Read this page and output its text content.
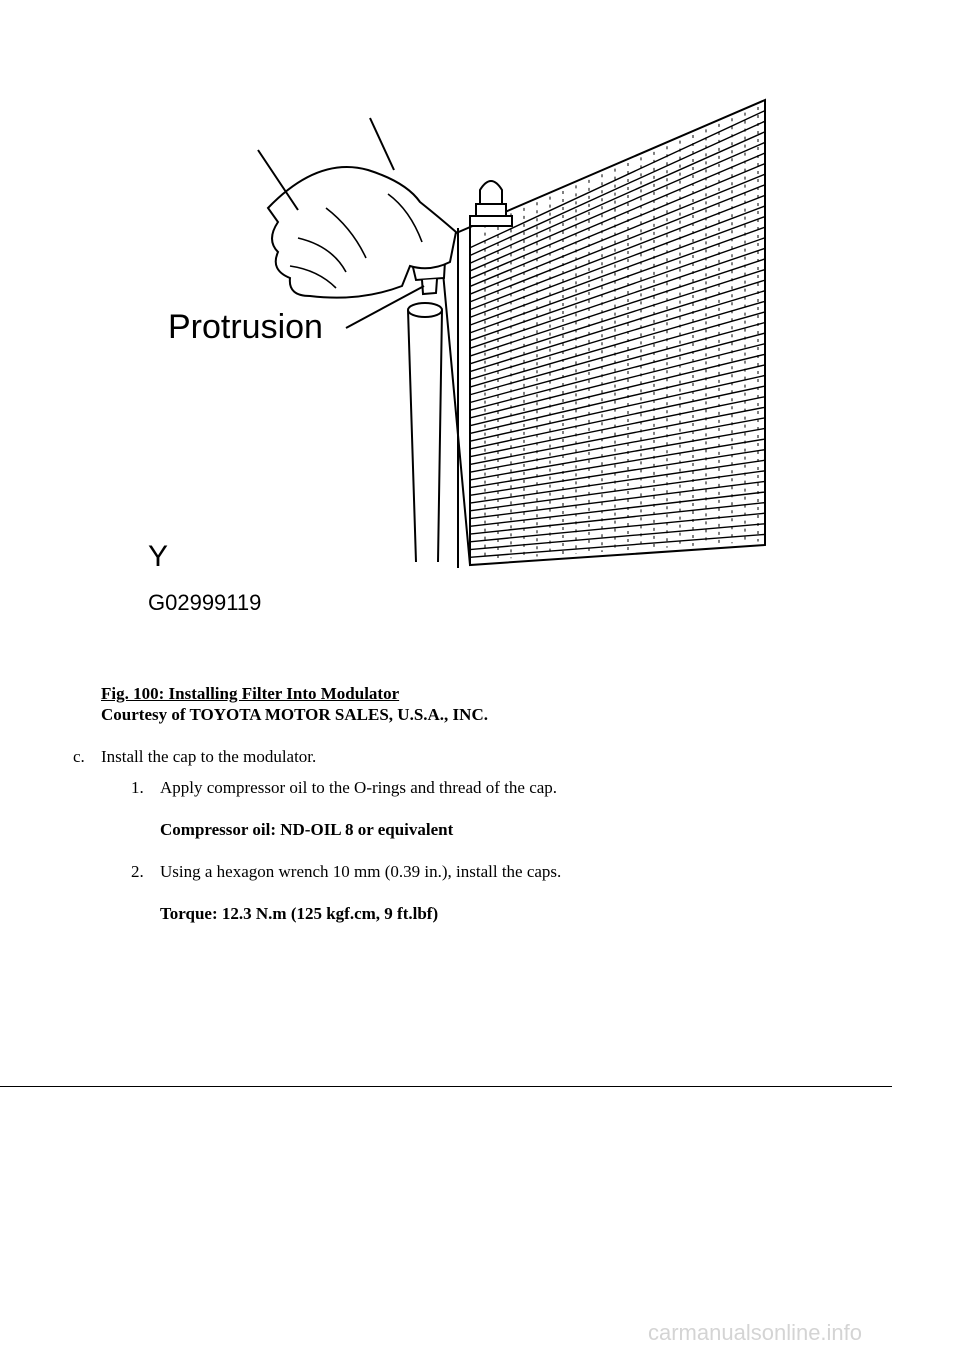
Protrusion
Y
G02999119
Fig. 100: Installing Filter Into Modulator
Courtesy of TOYOTA MOTOR SALES, U.S.A., INC.
c. Install the cap to the modulator.
1. Apply compressor oil to the O-rings and thread of the cap.
Compressor oil: ND-OIL 8 or equivalent
2. Using a hexagon wrench 10 mm (0.39 in.), install the caps.
Torque: 12.3 N.m (125 kgf.cm, 9 ft.lbf)
carmanualsonline.info
